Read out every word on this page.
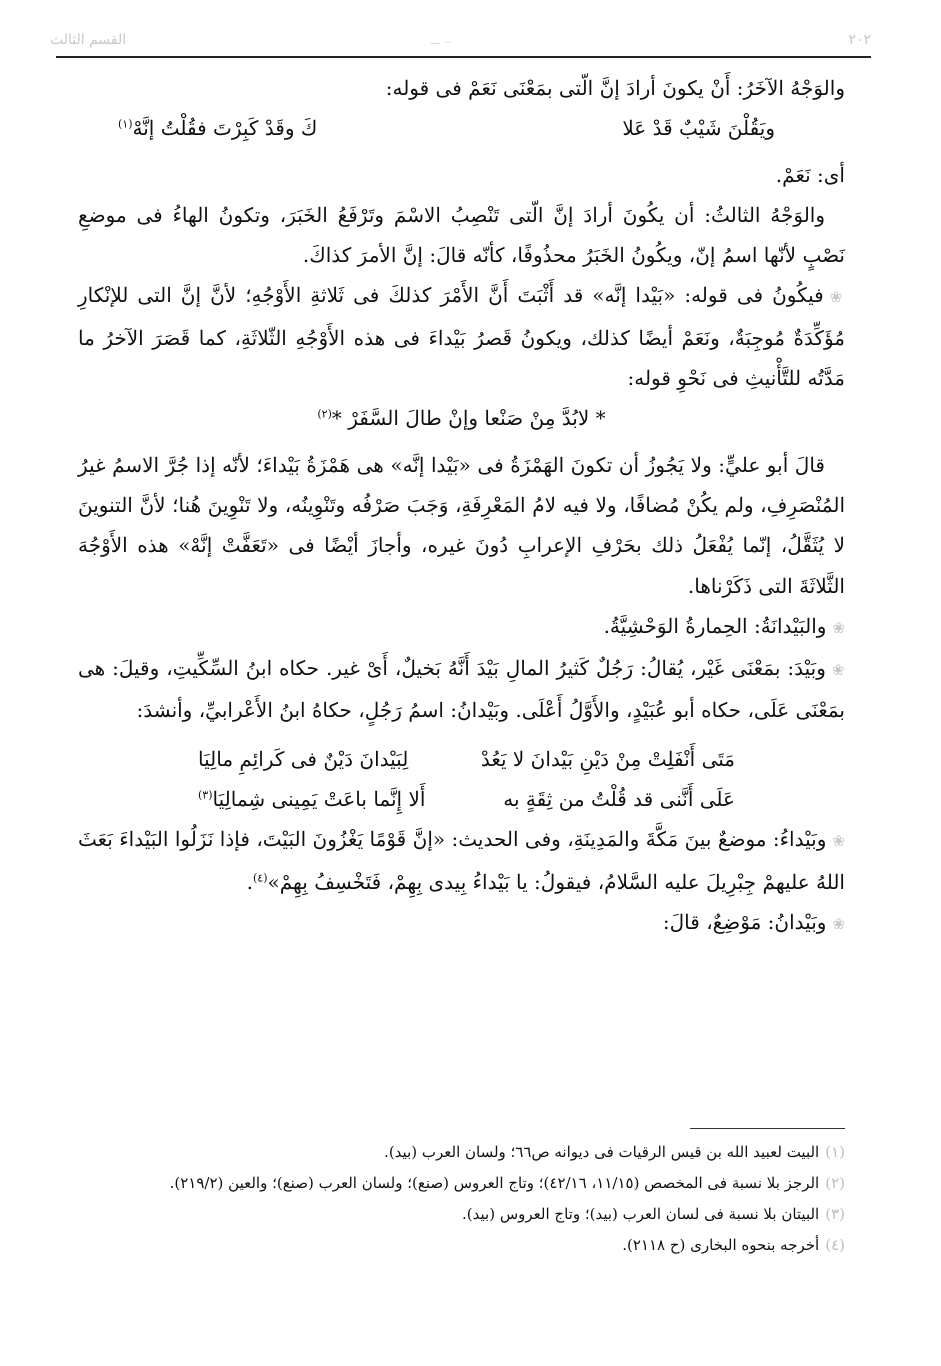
القسم الثالث	— ···	٢٠٢

والوَجْهُ الآخَرُ: أَنْ يكونَ أرادَ إنَّ الّتى بمَعْنَى نَعَمْ فى قوله:

ويَقُلْنَ شَيْبٌ قَدْ عَلا
كَ وقَدْ كَبِرْتَ فقُلْتُ إنَّهْ$^{(١)}$

أى: نَعَمْ.

والوَجْهُ الثالثُ: أن يكُونَ أرادَ إنَّ الّتى تَنْصِبُ الاسْمَ وتَرْفَعُ الخَبَرَ، وتكونُ الهاءُ فى موضعِ نَصْبٍ لأنّها اسمُ إنّ، ويكُونُ الخَبَرُ محذُوفًا، كأنّه قالَ: إنَّ الأمرَ كذاكَ.

❀فيكُونُ فى قوله: «بَيْدا إنَّه» قد أَثْبَتَ أَنَّ الأَمْرَ كذلكَ فى ثَلاثةِ الأَوْجُهِ؛ لأنَّ إنَّ التى للإنْكارِ مُؤَكِّدَةٌ مُوجِبَةٌ، ونَعَمْ أيضًا كذلك، ويكونُ قَصرُ بَيْداءَ فى هذه الأَوْجُهِ الثّلاثَةِ، كما قَصَرَ الآخرُ ما مَدَّتُه للتَّأْنيثِ فى نَحْوِ قوله:

* لابُدَّ مِنْ صَنْعا وإنْ طالَ السَّفَرْ *$^{(٢)}$

قالَ أبو عليٍّ: ولا يَجُوزُ أن تكونَ الهَمْزَةُ فى «بَيْدا إنَّه» هى هَمْزَةُ بَيْداءَ؛ لأنّه إذا جُرَّ الاسمُ غيرُ المُنْصَرِفِ، ولم يكُنْ مُضافًا، ولا فيه لامُ المَعْرِفَةِ، وَجَبَ صَرْفُه وتَنْوِينُه، ولا تَنْوِينَ هُنا؛ لأنَّ التنوينَ لا يُثَقَّلُ، إنّما يُفْعَلُ ذلك بحَرْفِ الإعرابِ دُونَ غيره، وأجازَ أيْضًا فى «تَعَفَّتْ إنَّهْ» هذه الأَوْجُهَ الثَّلاثَةَ التى ذَكَرْناها.

❀والبَيْدانَةُ: الحِمارةُ الوَحْشِيَّةُ.

❀وبَيْدَ: بمَعْنَى غَيْر، يُقالُ: رَجُلٌ كَثيرُ المالِ بَيْدَ أَنَّهُ بَخيلٌ، أَىْ غير. حكاه ابنُ السِّكِّيتِ، وقيلَ: هى بمَعْنَى عَلَى، حكاه أبو عُبَيْدٍ، والأَوَّلُ أَعْلَى. وبَيْدانُ: اسمُ رَجُلٍ، حكاهُ ابنُ الأَعْرابيِّ، وأنشدَ:

مَتَى أَنْفَلِتْ مِنْ دَيْنِ بَيْدانَ لا يَعُدْ
لِبَيْدانَ دَيْنٌ فى كَرائِمِ مالِيَا
عَلَى أَنَّنى قد قُلْتُ من ثِقَةٍ به
أَلا إِنَّما باعَتْ يَمِينى شِمالِيَا$^{(٣)}$

❀وبَيْداءُ: موضعٌ بينَ مَكَّةَ والمَدِينَةِ، وفى الحديث: «إنَّ قَوْمًا يَغْزُونَ البَيْتَ، فإذا نَزَلُوا البَيْداءَ بَعَثَ اللهُ عليهمْ جِبْرِيلَ عليه السَّلامُ، فيقولُ: يا بَيْداءُ بِيدى بِهِمْ، فَتَخْسِفُ بِهِمْ»$^{(٤)}$.

❀وبَيْدانُ: مَوْضِعٌ، قالَ:

(١)البيت لعبيد الله بن قيس الرقيات فى ديوانه ص٦٦؛ ولسان العرب (بيد).

(٢)الرجز بلا نسبة فى المخصص (١١/١٥، ٤٢/١٦)؛ وتاج العروس (صنع)؛ ولسان العرب (صنع)؛ والعين (٢١٩/٢).

(٣)البيتان بلا نسبة فى لسان العرب (بيد)؛ وتاج العروس (بيد).

(٤)أخرجه بنحوه البخارى (ح ٢١١٨).
